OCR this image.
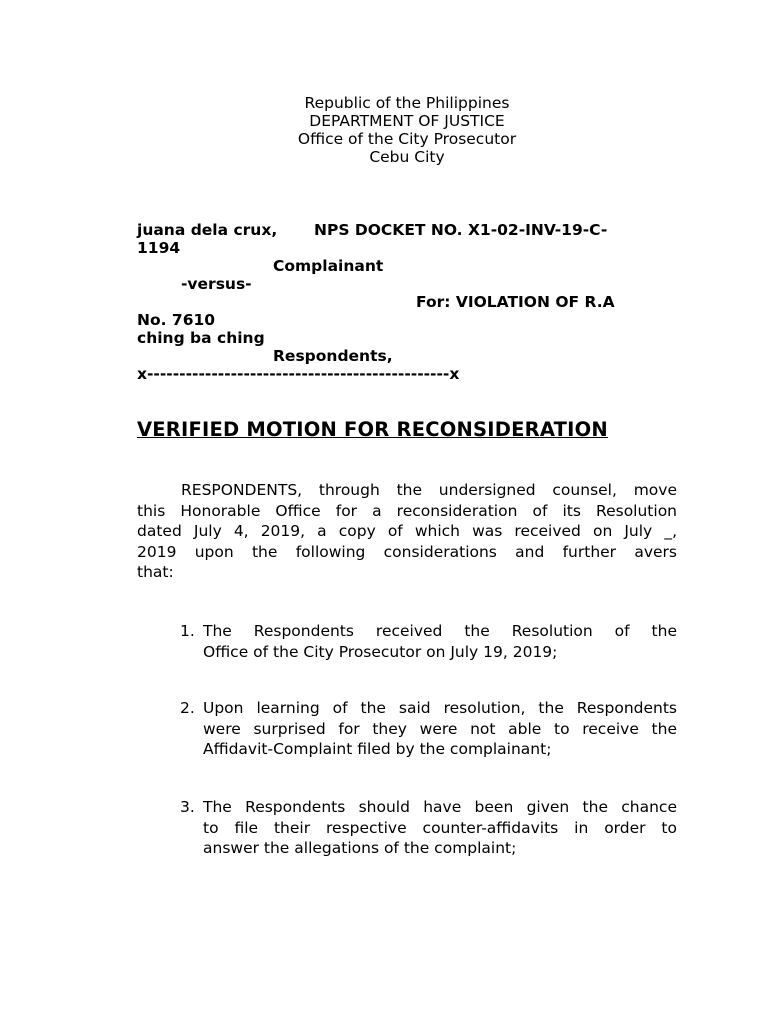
Republic of the Philippines
DEPARTMENT OF JUSTICE
Office of the City Prosecutor
Cebu City
juana dela crux, NPS DOCKET NO. X1-02-INV-19-C-
1194
Complainant
-versus-
For: VIOLATION OF R.A
No. 7610
ching ba ching
Respondents,
x-----------------------------------------------x
VERIFIED MOTION FOR RECONSIDERATION
RESPONDENTS, through the undersigned counsel, move
this Honorable Office for a reconsideration of its Resolution
dated July 4, 2019, a copy of which was received on July _,
2019 upon the following considerations and further avers
that:
1. The Respondents received the Resolution of the
Office of the City Prosecutor on July 19, 2019;
2. Upon learning of the said resolution, the Respondents
were surprised for they were not able to receive the
Affidavit-Complaint filed by the complainant;
3. The Respondents should have been given the chance
to file their respective counter-affidavits in order to
answer the allegations of the complaint;
